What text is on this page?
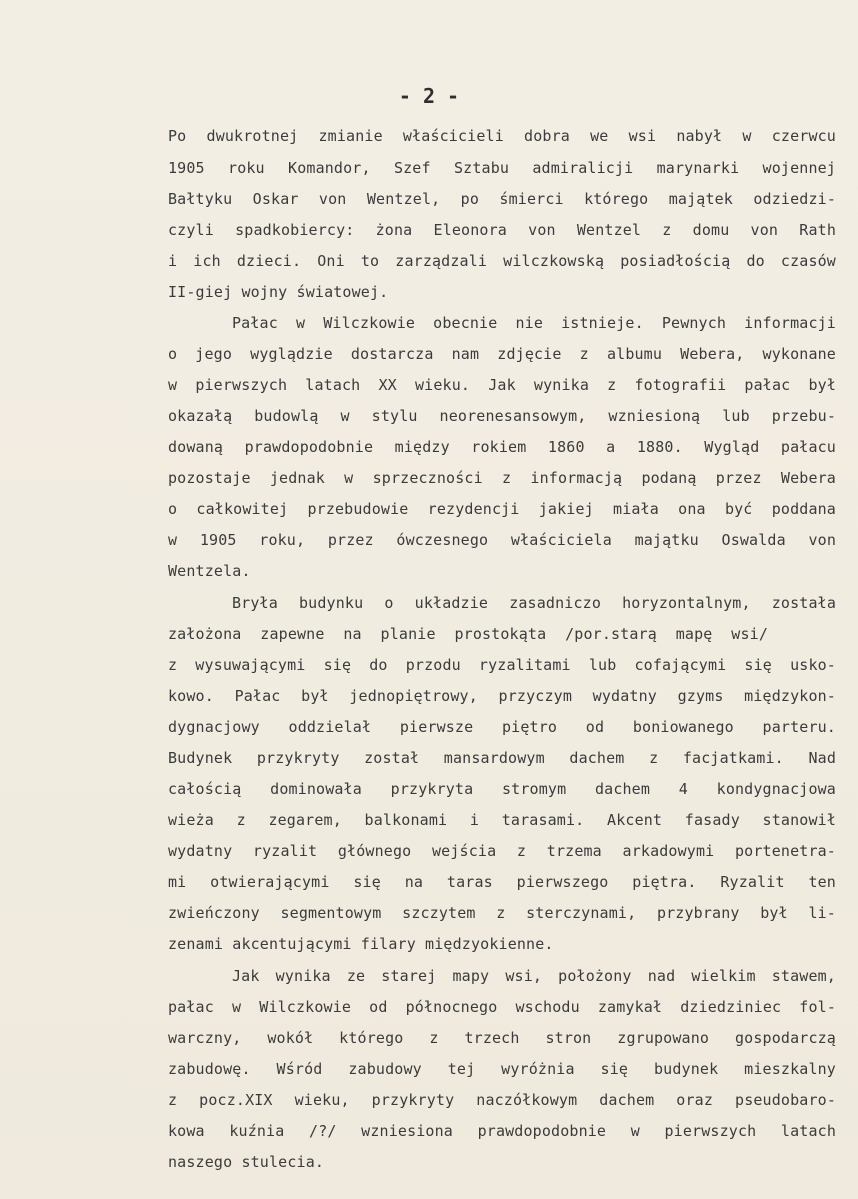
- 2 -
Po dwukrotnej zmianie właścicieli dobra we wsi nabył w czerwcu
1905 roku Komandor, Szef Sztabu admiralicji marynarki wojennej
Bałtyku Oskar von Wentzel, po śmierci którego majątek odziedzi-
czyli spadkobiercy: żona Eleonora von Wentzel z domu von Rath
i ich dzieci. Oni to zarządzali wilczkowską posiadłością do czasów
II-giej wojny światowej.
Pałac w Wilczkowie obecnie nie istnieje. Pewnych informacji
o jego wyglądzie dostarcza nam zdjęcie z albumu Webera, wykonane
w pierwszych latach XX wieku. Jak wynika z fotografii pałac był
okazałą budowlą w stylu neorenesansowym, wzniesioną lub przebu-
dowaną prawdopodobnie między rokiem 1860 a 1880. Wygląd pałacu
pozostaje jednak w sprzeczności z informacją podaną przez Webera
o całkowitej przebudowie rezydencji jakiej miała ona być poddana
w 1905 roku, przez ówczesnego właściciela majątku Oswalda von
Wentzela.
Bryła budynku o układzie zasadniczo horyzontalnym, została
założona zapewne na planie prostokąta /por.starą mapę wsi/
z wysuwającymi się do przodu ryzalitami lub cofającymi się usko-
kowo. Pałac był jednopiętrowy, przyczym wydatny gzyms międzykon-
dygnacjowy oddzielał pierwsze piętro od boniowanego parteru.
Budynek przykryty został mansardowym dachem z facjatkami. Nad
całością dominowała przykryta stromym dachem 4 kondygnacjowa
wieża z zegarem, balkonami i tarasami. Akcent fasady stanowił
wydatny ryzalit głównego wejścia z trzema arkadowymi portenetra-
mi otwierającymi się na taras pierwszego piętra. Ryzalit ten
zwieńczony segmentowym szczytem z sterczynami, przybrany był li-
zenami akcentującymi filary międzyokienne.
Jak wynika ze starej mapy wsi, położony nad wielkim stawem,
pałac w Wilczkowie od północnego wschodu zamykał dziedziniec fol-
warczny, wokół którego z trzech stron zgrupowano gospodarczą
zabudowę. Wśród zabudowy tej wyróżnia się budynek mieszkalny
z pocz.XIX wieku, przykryty naczółkowym dachem oraz pseudobaro-
kowa kuźnia /?/ wzniesiona prawdopodobnie w pierwszych latach
naszego stulecia.
